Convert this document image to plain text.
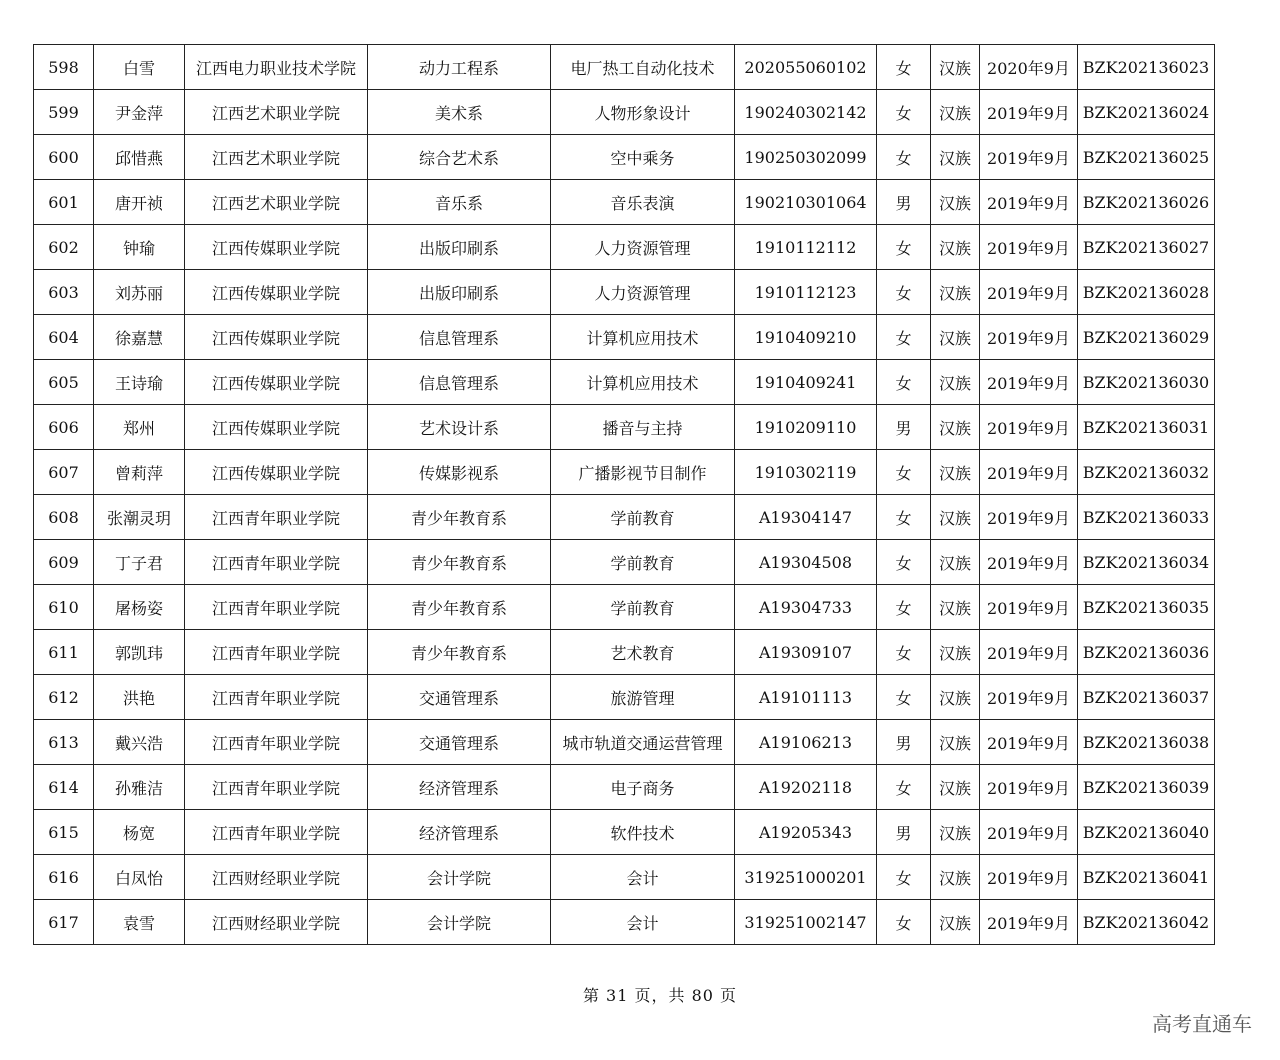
598	白雪	江西电力职业技术学院	动力工程系	电厂热工自动化技术	202055060102	女	汉族	2020年9月	BZK202136023
599	尹金萍	江西艺术职业学院	美术系	人物形象设计	190240302142	女	汉族	2019年9月	BZK202136024
600	邱惜燕	江西艺术职业学院	综合艺术系	空中乘务	190250302099	女	汉族	2019年9月	BZK202136025
601	唐开祯	江西艺术职业学院	音乐系	音乐表演	190210301064	男	汉族	2019年9月	BZK202136026
602	钟瑜	江西传媒职业学院	出版印刷系	人力资源管理	1910112112	女	汉族	2019年9月	BZK202136027
603	刘苏丽	江西传媒职业学院	出版印刷系	人力资源管理	1910112123	女	汉族	2019年9月	BZK202136028
604	徐嘉慧	江西传媒职业学院	信息管理系	计算机应用技术	1910409210	女	汉族	2019年9月	BZK202136029
605	王诗瑜	江西传媒职业学院	信息管理系	计算机应用技术	1910409241	女	汉族	2019年9月	BZK202136030
606	郑州	江西传媒职业学院	艺术设计系	播音与主持	1910209110	男	汉族	2019年9月	BZK202136031
607	曾莉萍	江西传媒职业学院	传媒影视系	广播影视节目制作	1910302119	女	汉族	2019年9月	BZK202136032
608	张潮灵玥	江西青年职业学院	青少年教育系	学前教育	A19304147	女	汉族	2019年9月	BZK202136033
609	丁子君	江西青年职业学院	青少年教育系	学前教育	A19304508	女	汉族	2019年9月	BZK202136034
610	屠杨姿	江西青年职业学院	青少年教育系	学前教育	A19304733	女	汉族	2019年9月	BZK202136035
611	郭凯玮	江西青年职业学院	青少年教育系	艺术教育	A19309107	女	汉族	2019年9月	BZK202136036
612	洪艳	江西青年职业学院	交通管理系	旅游管理	A19101113	女	汉族	2019年9月	BZK202136037
613	戴兴浩	江西青年职业学院	交通管理系	城市轨道交通运营管理	A19106213	男	汉族	2019年9月	BZK202136038
614	孙雅洁	江西青年职业学院	经济管理系	电子商务	A19202118	女	汉族	2019年9月	BZK202136039
615	杨宽	江西青年职业学院	经济管理系	软件技术	A19205343	男	汉族	2019年9月	BZK202136040
616	白凤怡	江西财经职业学院	会计学院	会计	319251000201	女	汉族	2019年9月	BZK202136041
617	袁雪	江西财经职业学院	会计学院	会计	319251002147	女	汉族	2019年9月	BZK202136042
第 31 页，共 80 页
高考直通车
